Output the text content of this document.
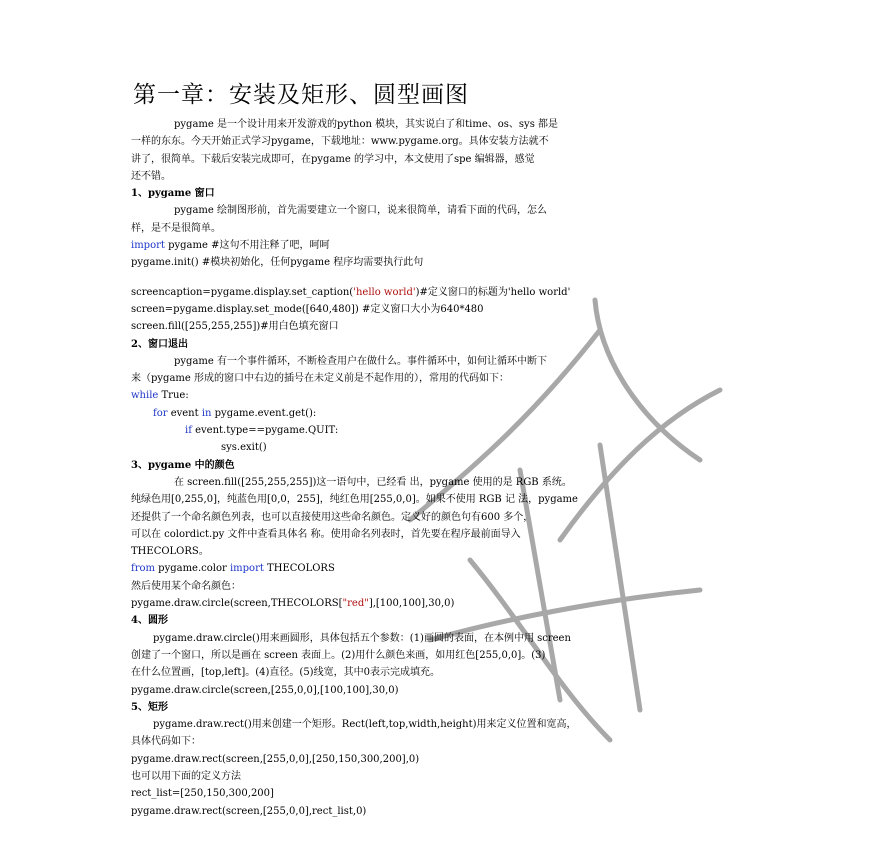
第一章：安装及矩形、圆型画图
pygame 是一个设计用来开发游戏的python 模块，其实说白了和time、os、sys 都是
一样的东东。今天开始正式学习pygame，下载地址：www.pygame.org。具体安装方法就不
讲了，很简单。下载后安装完成即可，在pygame 的学习中，本文使用了spe 编辑器，感觉
还不错。
1、pygame 窗口
pygame 绘制图形前，首先需要建立一个窗口，说来很简单，请看下面的代码，怎么
样，是不是很简单。
import pygame #这句不用注释了吧，呵呵
pygame.init() #模块初始化，任何pygame 程序均需要执行此句
screencaption=pygame.display.set_caption('hello world')#定义窗口的标题为'hello world'
screen=pygame.display.set_mode([640,480]) #定义窗口大小为640*480
screen.fill([255,255,255])#用白色填充窗口
2、窗口退出
pygame 有一个事件循环，不断检查用户在做什么。事件循环中，如何让循环中断下
来（pygame 形成的窗口中右边的插号在未定义前是不起作用的），常用的代码如下：
while True:
for event in pygame.event.get():
if event.type==pygame.QUIT:
sys.exit()
3、pygame 中的颜色
在 screen.fill([255,255,255])这一语句中，已经看 出，pygame 使用的是 RGB 系统。
纯绿色用[0,255,0]，纯蓝色用[0,0，255]，纯红色用[255,0,0]。如果不使用 RGB 记 法，pygame
还提供了一个命名颜色列表，也可以直接使用这些命名颜色。定义好的颜色句有600 多个，
可以在 colordict.py 文件中查看具体名 称。使用命名列表时，首先要在程序最前面导入
THECOLORS。
from pygame.color import THECOLORS
然后使用某个命名颜色：
pygame.draw.circle(screen,THECOLORS["red"],[100,100],30,0)
4、圆形
pygame.draw.circle()用来画圆形，具体包括五个参数：(1)画圆的表面，在本例中用 screen
创建了一个窗口，所以是画在 screen 表面上。(2)用什么颜色来画，如用红色[255,0,0]。(3)
在什么位置画，[top,left]。(4)直径。(5)线宽，其中0表示完成填充。
pygame.draw.circle(screen,[255,0,0],[100,100],30,0)
5、矩形
pygame.draw.rect()用来创建一个矩形。Rect(left,top,width,height)用来定义位置和宽高，
具体代码如下：
pygame.draw.rect(screen,[255,0,0],[250,150,300,200],0)
也可以用下面的定义方法
rect_list=[250,150,300,200]
pygame.draw.rect(screen,[255,0,0],rect_list,0)
